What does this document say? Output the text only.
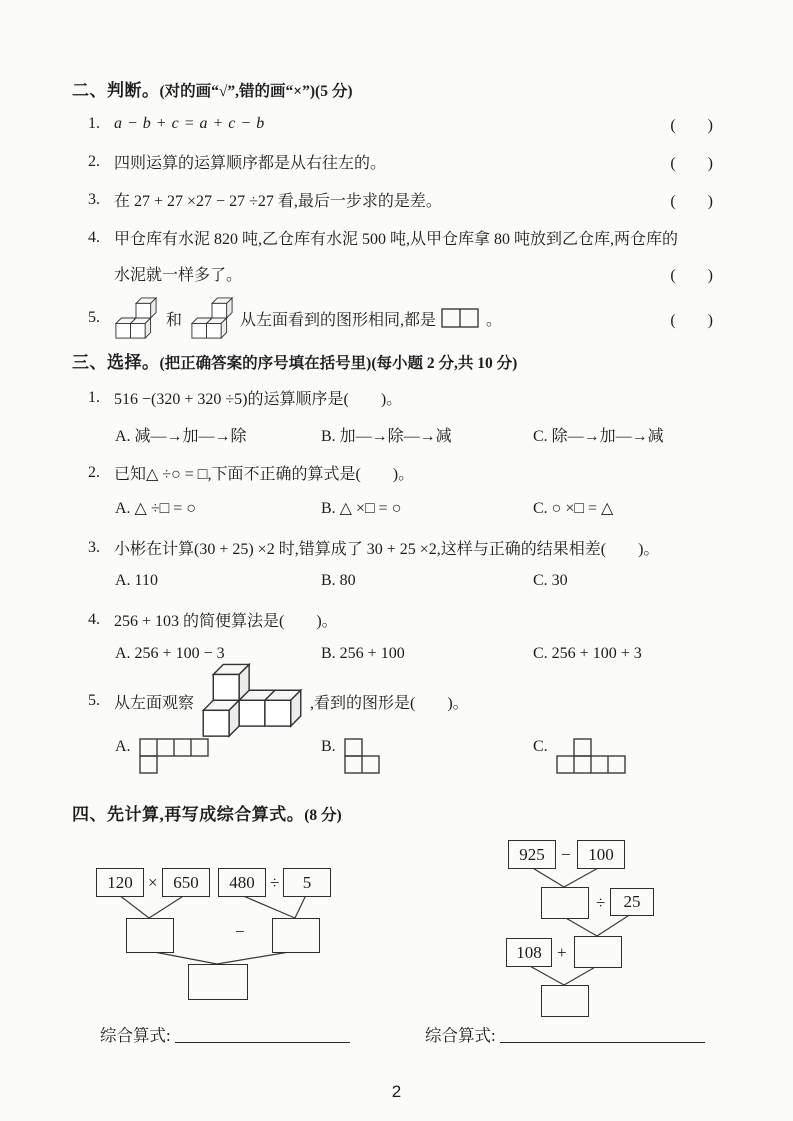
二、判断。(对的画“√”,错的画“×”)(5 分)
1. a − b + c = a + c − b	(　　)
2. 四则运算的运算顺序都是从右往左的。	(　　)
3. 在 27 + 27 ×27 − 27 ÷27 看,最后一步求的是差。	(　　)
4. 甲仓库有水泥 820 吨,乙仓库有水泥 500 吨,从甲仓库拿 80 吨放到乙仓库,两仓库的
水泥就一样多了。	(　　)
5.	和	从左面看到的图形相同,都是	。	(　　)
三、选择。(把正确答案的序号填在括号里)(每小题 2 分,共 10 分)
1. 516 −(320 + 320 ÷5)的运算顺序是(　　)。
A. 减—→加—→除	B. 加—→除—→减	C. 除—→加—→减
2. 已知△ ÷○ = □,下面不正确的算式是(　　)。
A. △ ÷□ = ○	B. △ ×□ = ○	C. ○ ×□ = △
3. 小彬在计算(30 + 25) ×2 时,错算成了 30 + 25 ×2,这样与正确的结果相差(　　)。
A. 110	B. 80	C. 30
4. 256 + 103 的简便算法是(　　)。
A. 256 + 100 − 3	B. 256 + 100	C. 256 + 100 + 3
5. 从左面观察	,看到的图形是(　　)。
A.	B.	C.
四、先计算,再写成综合算式。(8 分)
120 × 650	480 ÷	5
−
925 −	100
÷	25
108 +
综合算式:	综合算式:
2
